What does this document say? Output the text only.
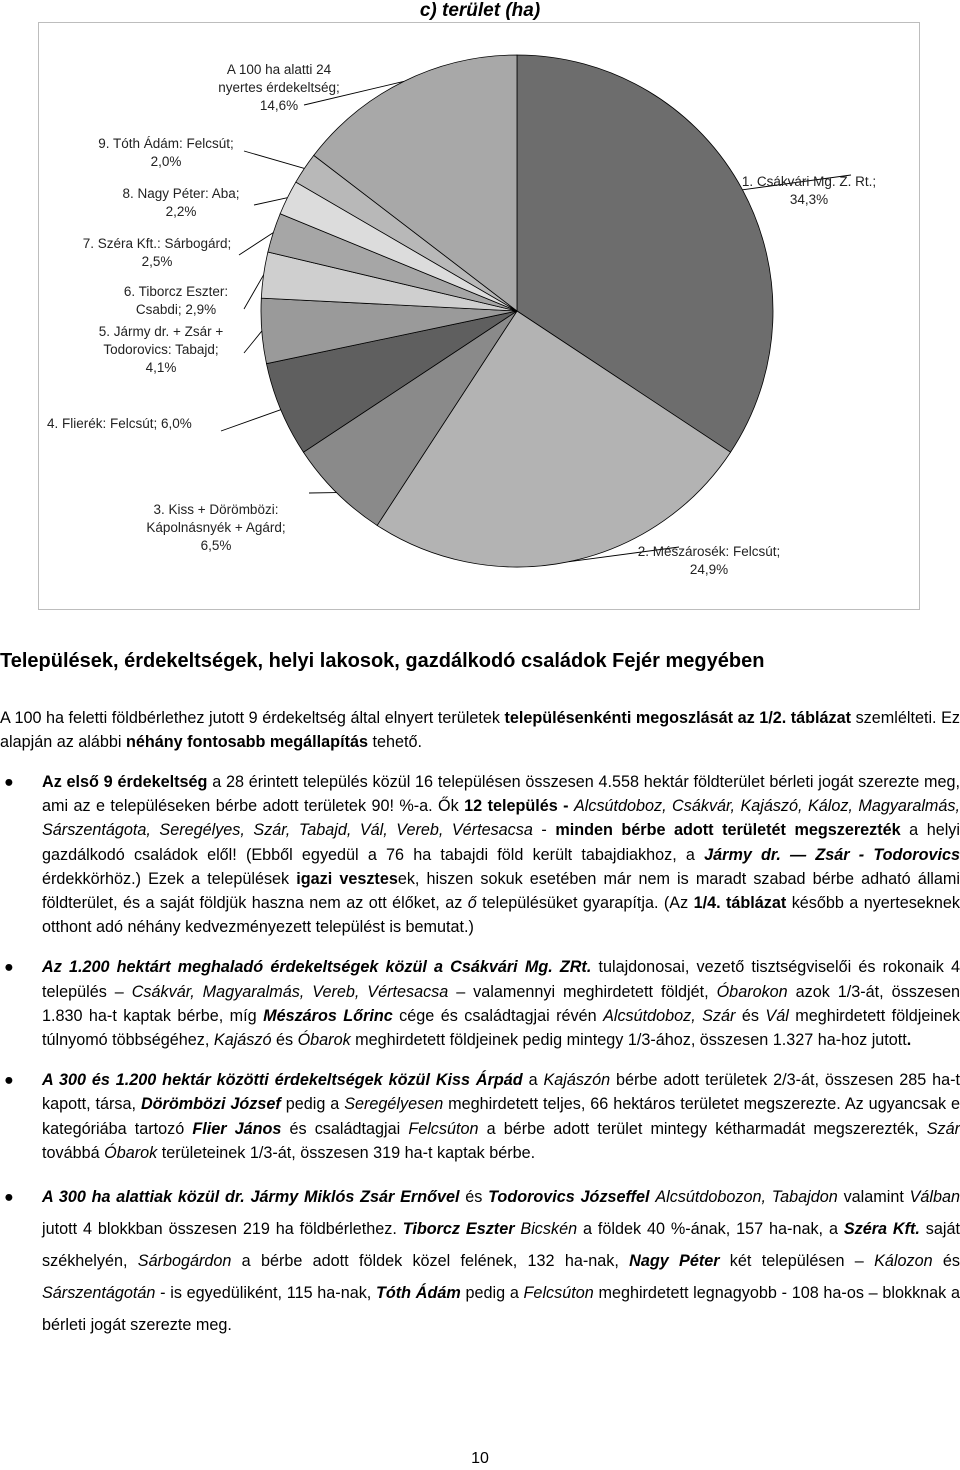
c) terület (ha)
1. Csákvári Mg. Z. Rt.;
34,3%
2. Mészárosék: Felcsút;
24,9%
3. Kiss + Dörömbözi:
Kápolnásnyék + Agárd;
6,5%
4. Flierék: Felcsút; 6,0%
5. Jármy dr. + Zsár +
Todorovics: Tabajd;
4,1%
6. Tiborcz Eszter:
Csabdi; 2,9%
7. Széra Kft.: Sárbogárd;
2,5%
8. Nagy Péter: Aba;
2,2%
9. Tóth Ádám: Felcsút;
2,0%
A 100 ha alatti 24
nyertes érdekeltség;
14,6%
Települések, érdekeltségek, helyi lakosok, gazdálkodó családok Fejér megyében
A 100 ha feletti földbérlethez jutott 9 érdekeltség által elnyert területek településenkénti megoszlását az 1/2. táblázat szemlélteti. Ez alapján az alábbi néhány fontosabb megállapítás tehető.
● Az első 9 érdekeltség a 28 érintett település közül 16 településen összesen 4.558 hektár földterület bérleti jogát szerezte meg, ami az e településeken bérbe adott területek 90! %-a. Ők 12 település - Alcsútdoboz, Csákvár, Kajászó, Káloz, Magyaralmás, Sárszentágota, Seregélyes, Szár, Tabajd, Vál, Vereb, Vértesacsa - minden bérbe adott területét megszerezték a helyi gazdálkodó családok elől! (Ebből egyedül a 76 ha tabajdi föld került tabajdiakhoz, a Jármy dr. — Zsár - Todorovics érdekkörhöz.) Ezek a települések igazi vesztesek, hiszen sokuk esetében már nem is maradt szabad bérbe adható állami földterület, és a saját földjük haszna nem az ott élőket, az ő településüket gyarapítja. (Az 1/4. táblázat később a nyerteseknek otthont adó néhány kedvezményezett települést is bemutat.)
● Az 1.200 hektárt meghaladó érdekeltségek közül a Csákvári Mg. ZRt. tulajdonosai, vezető tisztségviselői és rokonaik 4 település – Csákvár, Magyaralmás, Vereb, Vértesacsa – valamennyi meghirdetett földjét, Óbarokon azok 1/3-át, összesen 1.830 ha-t kaptak bérbe, míg Mészáros Lőrinc cége és családtagjai révén Alcsútdoboz, Szár és Vál meghirdetett földjeinek túlnyomó többségéhez, Kajászó és Óbarok meghirdetett földjeinek pedig mintegy 1/3-ához, összesen 1.327 ha-hoz jutott.
● A 300 és 1.200 hektár közötti érdekeltségek közül Kiss Árpád a Kajászón bérbe adott területek 2/3-át, összesen 285 ha-t kapott, társa, Dörömbözi József pedig a Seregélyesen meghirdetett teljes, 66 hektáros területet megszerezte. Az ugyancsak e kategóriába tartozó Flier János és családtagjai Felcsúton a bérbe adott terület mintegy kétharmadát megszerezték, Szár továbbá Óbarok területeinek 1/3-át, összesen 319 ha-t kaptak bérbe.
● A 300 ha alattiak közül dr. Jármy Miklós Zsár Ernővel és Todorovics Józseffel Alcsútdobozon, Tabajdon valamint Válban jutott 4 blokkban összesen 219 ha földbérlethez. Tiborcz Eszter Bicskén a földek 40 %-ának, 157 ha-nak, a Széra Kft. saját székhelyén, Sárbogárdon a bérbe adott földek közel felének, 132 ha-nak, Nagy Péter két településen – Kálozon és Sárszentágotán - is egyedüliként, 115 ha-nak, Tóth Ádám pedig a Felcsúton meghirdetett legnagyobb - 108 ha-os – blokknak a bérleti jogát szerezte meg.
10
